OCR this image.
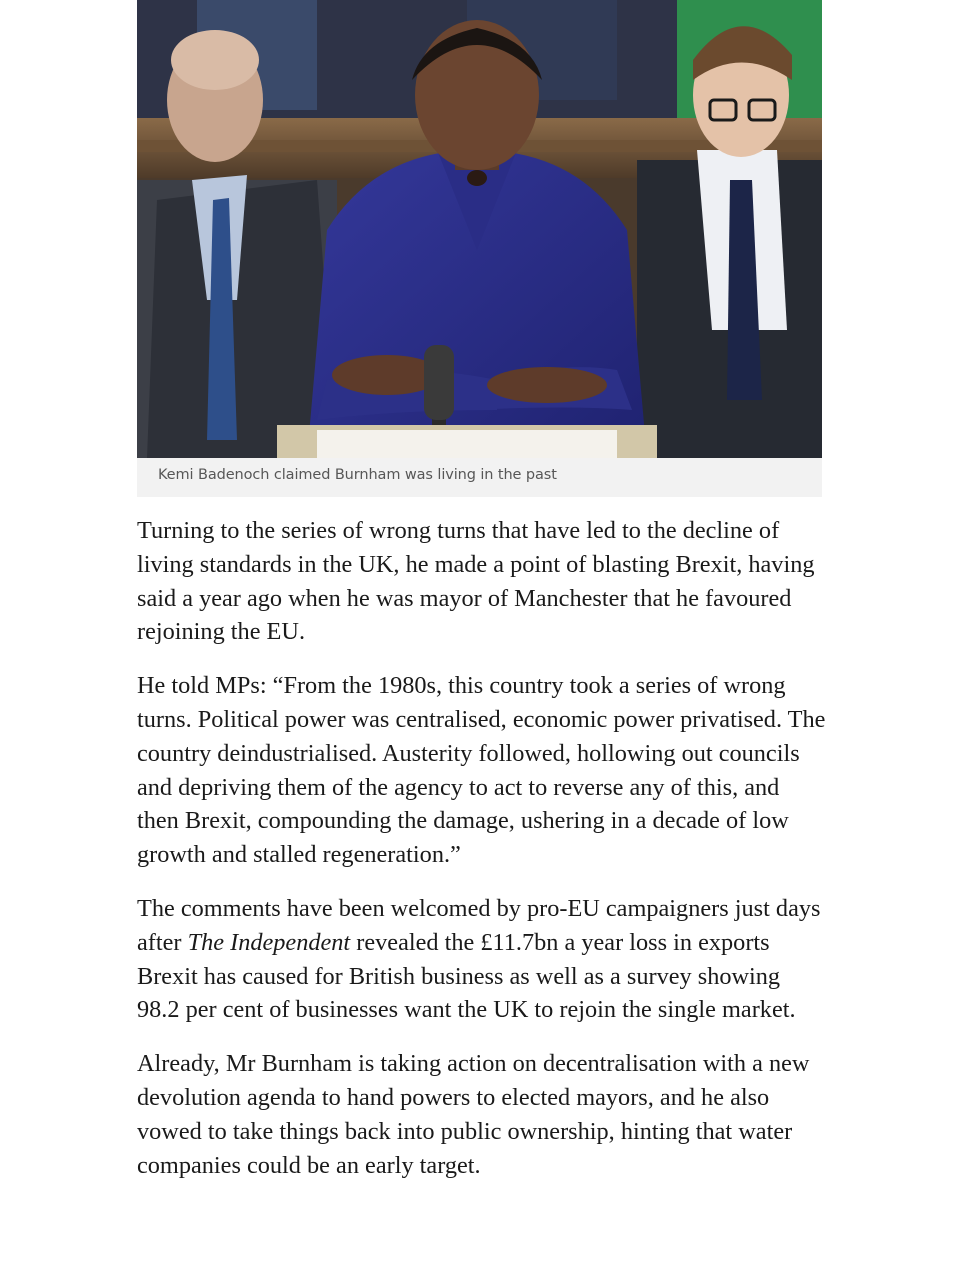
Kemi Badenoch claimed Burnham was living in the past

Turning to the series of wrong turns that have led to the decline of living standards in the UK, he made a point of blasting Brexit, having said a year ago when he was mayor of Manchester that he favoured rejoining the EU.

He told MPs: “From the 1980s, this country took a series of wrong turns. Political power was centralised, economic power privatised. The country deindustrialised. Austerity followed, hollowing out councils and depriving them of the agency to act to reverse any of this, and then Brexit, compounding the damage, ushering in a decade of low growth and stalled regeneration.”

The comments have been welcomed by pro-EU campaigners just days after The Independent revealed the £11.7bn a year loss in exports Brexit has caused for British business as well as a survey showing 98.2 per cent of businesses want the UK to rejoin the single market.

Already, Mr Burnham is taking action on decentralisation with a new devolution agenda to hand powers to elected mayors, and he also vowed to take things back into public ownership, hinting that water companies could be an early target.
